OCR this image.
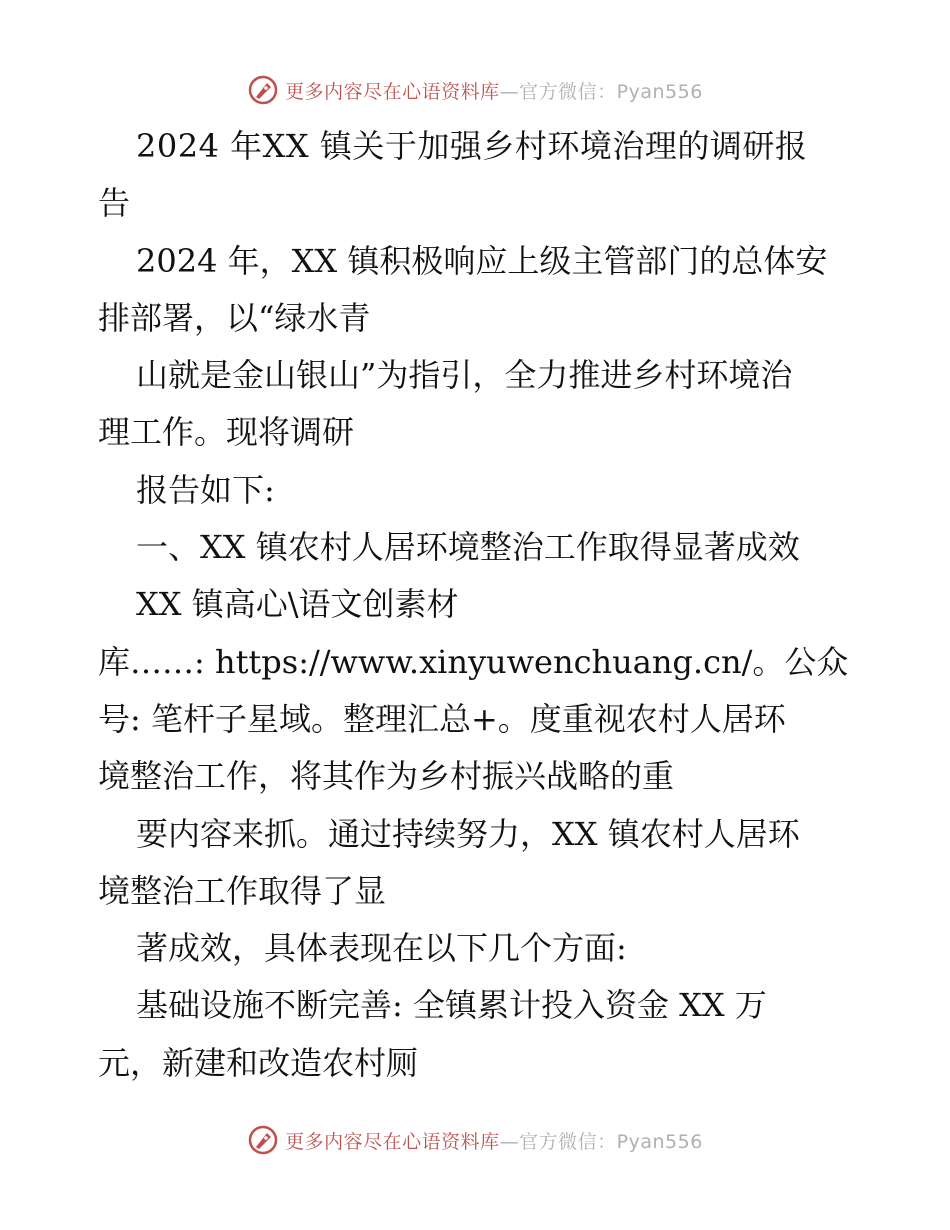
更多内容尽在心语资料库—官方微信：Pyan556
2024 年XX 镇关于加强乡村环境治理的调研报
告
2024 年，XX 镇积极响应上级主管部门的总体安
排部署，以“绿水青
山就是金山银山”为指引，全力推进乡村环境治
理工作。现将调研
报告如下:
一、XX 镇农村人居环境整治工作取得显著成效
XX 镇高心\语文创素材
库……: https://www.xinyuwenchuang.cn/。公众
号: 笔杆子星域。整理汇总+。度重视农村人居环
境整治工作，将其作为乡村振兴战略的重
要内容来抓。通过持续努力，XX 镇农村人居环
境整治工作取得了显
著成效，具体表现在以下几个方面:
基础设施不断完善: 全镇累计投入资金 XX 万
元，新建和改造农村厕
更多内容尽在心语资料库—官方微信：Pyan556
